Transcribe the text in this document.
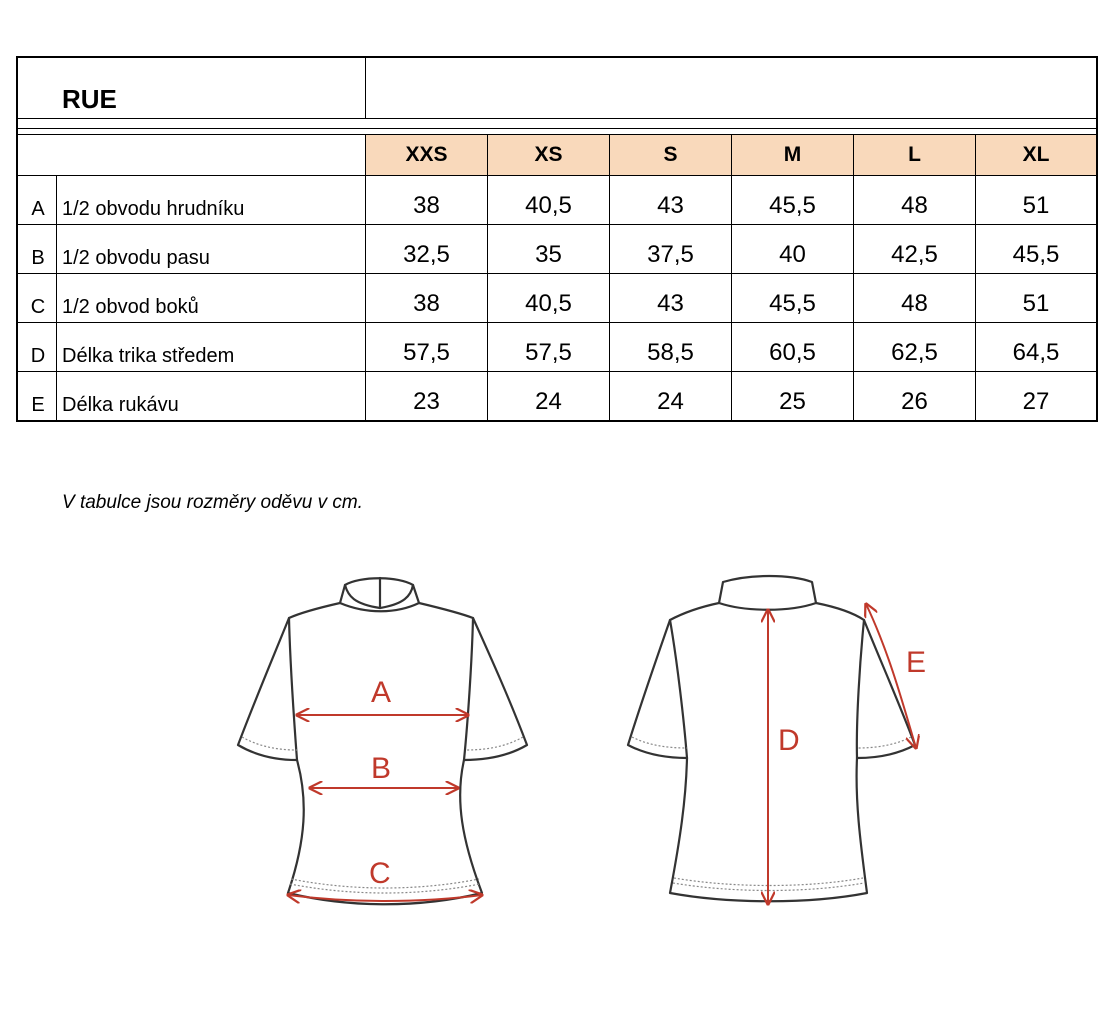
RUE
XXS	XS	S	M	L	XL
A 1/2 obvodu hrudníku	38	40,5	43	45,5	48	51
B 1/2 obvodu pasu	32,5	35	37,5	40	42,5	45,5
C 1/2 obvod boků	38	40,5	43	45,5	48	51
D Délka trika středem	57,5	57,5	58,5	60,5	62,5	64,5
E Délka rukávu	23	24	24	25	26	27
V tabulce jsou rozměry oděvu v cm.
A
B
C
D
E
